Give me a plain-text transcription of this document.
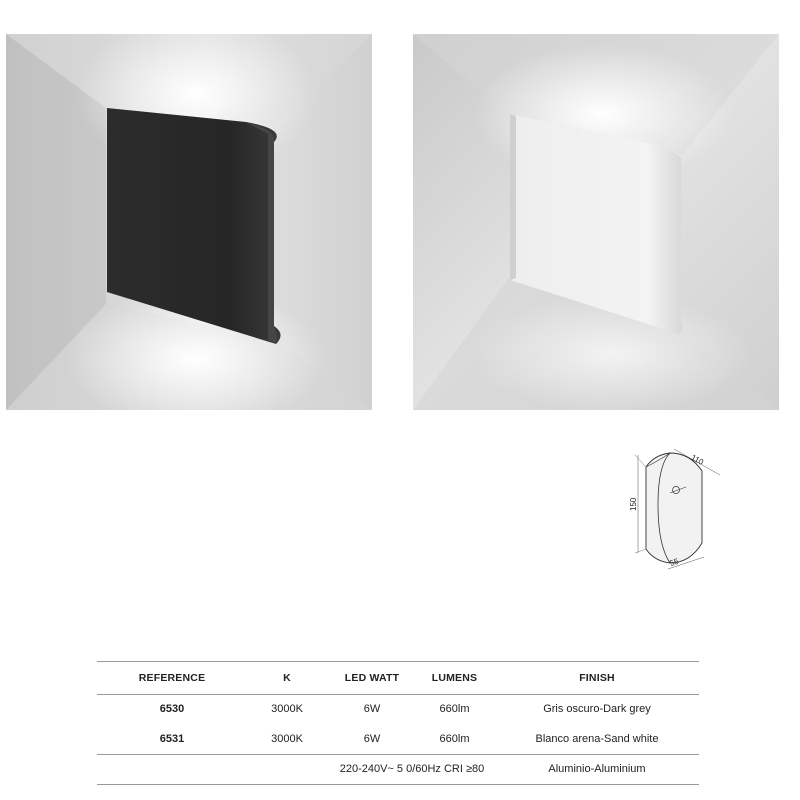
150
110
55
REFERENCE	K	LED WATT	LUMENS	FINISH
6530	3000K	6W	660lm	Gris oscuro-Dark grey
6531	3000K	6W	660lm	Blanco arena-Sand white
220-240V~ 5 0/60Hz CRI ≥80	Aluminio-Aluminium
